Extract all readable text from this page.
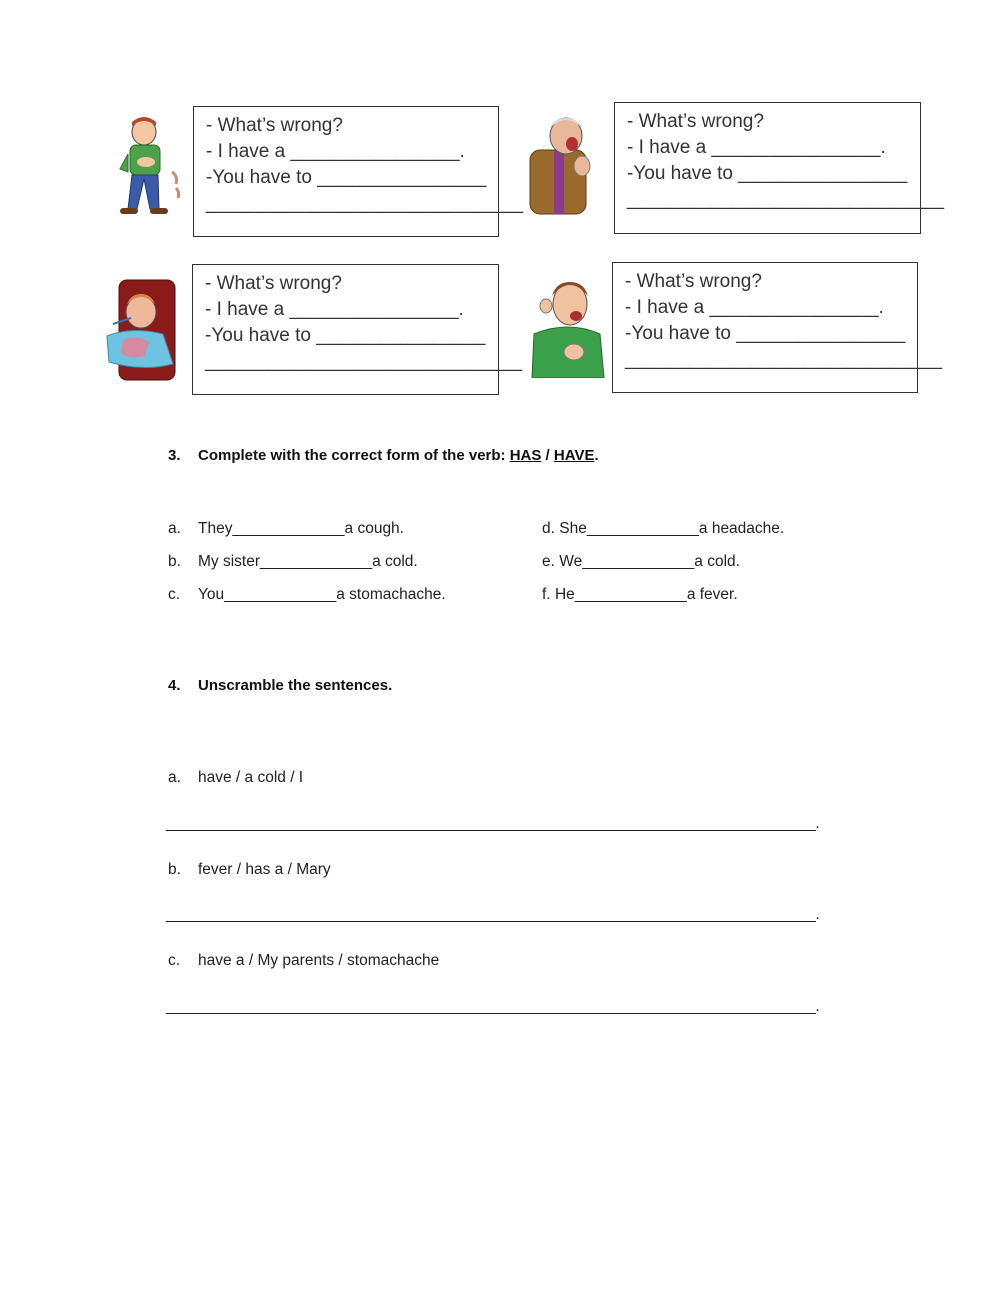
- What’s wrong?
- I have a ________________.
-You have to ________________
______________________________
- What’s wrong?
- I have a ________________.
-You have to ________________
______________________________
- What’s wrong?
- I have a ________________.
-You have to ________________
______________________________
- What’s wrong?
- I have a ________________.
-You have to ________________
______________________________
3. Complete with the correct form of the verb: HAS / HAVE.
a. They_____________a cough.
b. My sister_____________a cold.
c. You_____________a stomachache.
d. She_____________a headache.
e. We_____________a cold.
f. He_____________a fever.
4. Unscramble the sentences.
a. have / a cold / I
_______________________________________________________________________________.
b. fever / has a / Mary
_______________________________________________________________________________.
c. have a / My parents / stomachache
_______________________________________________________________________________.
